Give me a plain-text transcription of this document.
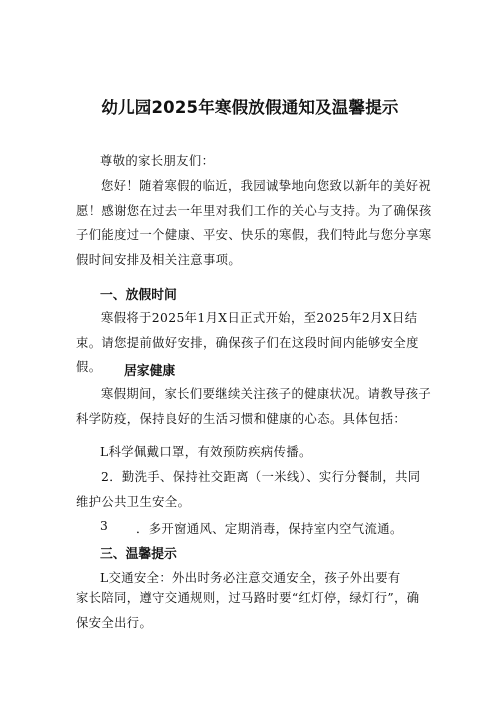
幼儿园2025年寒假放假通知及温馨提示
尊敬的家长朋友们：

您好！随着寒假的临近，我园诚挚地向您致以新年的美好祝愿！感谢您在过去一年里对我们工作的关心与支持。为了确保孩子们能度过一个健康、平安、快乐的寒假，我们特此与您分享寒假时间安排及相关注意事项。

一、放假时间

寒假将于2025年1月X日正式开始，至2025年2月X日结束。请您提前做好安排，确保孩子们在这段时间内能够安全度假。	居家健康

寒假期间，家长们要继续关注孩子的健康状况。请教导孩子科学防疫，保持良好的生活习惯和健康的心态。具体包括：

L科学佩戴口罩，有效预防疾病传播。

2．勤洗手、保持社交距离（一米线）、实行分餐制，共同维护公共卫生安全。

3 ．多开窗通风、定期消毒，保持室内空气流通。
三、温馨提示
L交通安全：外出时务必注意交通安全，孩子外出要有

家长陪同，遵守交通规则，过马路时要“红灯停，绿灯行”，确保安全出行。
